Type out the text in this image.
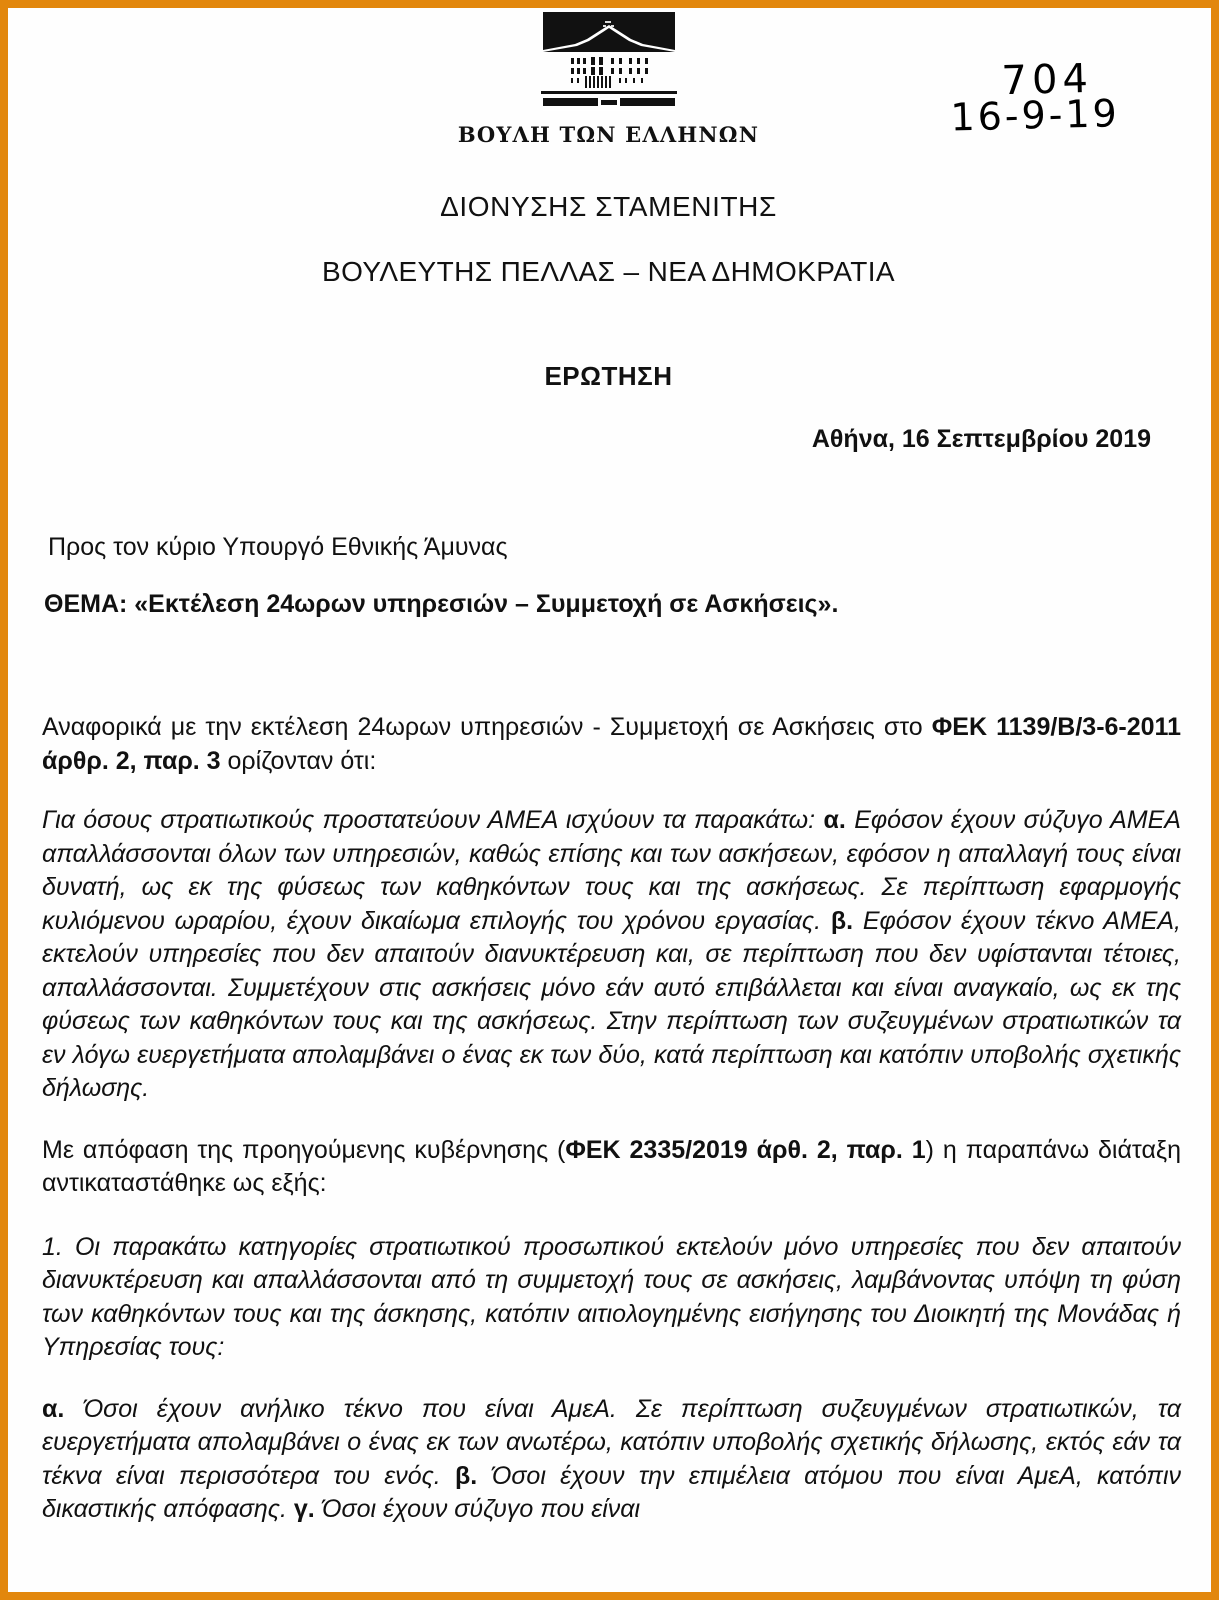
704
16-9-19
ΒΟΥΛΗ ΤΩΝ ΕΛΛΗΝΩΝ
ΔΙΟΝΥΣΗΣ ΣΤΑΜΕΝΙΤΗΣ
ΒΟΥΛΕΥΤΗΣ ΠΕΛΛΑΣ – ΝΕΑ ΔΗΜΟΚΡΑΤΙΑ
ΕΡΩΤΗΣΗ
Αθήνα, 16 Σεπτεμβρίου 2019
Προς τον κύριο Υπουργό Εθνικής Άμυνας
ΘΕΜΑ: «Εκτέλεση 24ωρων υπηρεσιών – Συμμετοχή σε Ασκήσεις».

Αναφορικά με την εκτέλεση 24ωρων υπηρεσιών - Συμμετοχή σε Ασκήσεις στο ΦΕΚ 1139/Β/3-6-2011 άρθρ. 2, παρ. 3 ορίζονταν ότι:

Για όσους στρατιωτικούς προστατεύουν ΑΜΕΑ ισχύουν τα παρακάτω: α. Εφόσον έχουν σύζυγο ΑΜΕΑ απαλλάσσονται όλων των υπηρεσιών, καθώς επίσης και των ασκήσεων, εφόσον η απαλλαγή τους είναι δυνατή, ως εκ της φύσεως των καθηκόντων τους και της ασκήσεως. Σε περίπτωση εφαρμογής κυλιόμενου ωραρίου, έχουν δικαίωμα επιλογής του χρόνου εργασίας. β. Εφόσον έχουν τέκνο ΑΜΕΑ, εκτελούν υπηρεσίες που δεν απαιτούν διανυκτέρευση και, σε περίπτωση που δεν υφίστανται τέτοιες, απαλλάσσονται. Συμμετέχουν στις ασκήσεις μόνο εάν αυτό επιβάλλεται και είναι αναγκαίο, ως εκ της φύσεως των καθηκόντων τους και της ασκήσεως. Στην περίπτωση των συζευγμένων στρατιωτικών τα εν λόγω ευεργετήματα απολαμβάνει ο ένας εκ των δύο, κατά περίπτωση και κατόπιν υποβολής σχετικής δήλωσης.

Με απόφαση της προηγούμενης κυβέρνησης (ΦΕΚ 2335/2019 άρθ. 2, παρ. 1) η παραπάνω διάταξη αντικαταστάθηκε ως εξής:

1. Οι παρακάτω κατηγορίες στρατιωτικού προσωπικού εκτελούν μόνο υπηρεσίες που δεν απαιτούν διανυκτέρευση και απαλλάσσονται από τη συμμετοχή τους σε ασκήσεις, λαμβάνοντας υπόψη τη φύση των καθηκόντων τους και της άσκησης, κατόπιν αιτιολογημένης εισήγησης του Διοικητή της Μονάδας ή Υπηρεσίας τους:

α. Όσοι έχουν ανήλικο τέκνο που είναι ΑμεΑ. Σε περίπτωση συζευγμένων στρατιωτικών, τα ευεργετήματα απολαμβάνει ο ένας εκ των ανωτέρω, κατόπιν υποβολής σχετικής δήλωσης, εκτός εάν τα τέκνα είναι περισσότερα του ενός. β. Όσοι έχουν την επιμέλεια ατόμου που είναι ΑμεΑ, κατόπιν δικαστικής απόφασης. γ. Όσοι έχουν σύζυγο που είναι
